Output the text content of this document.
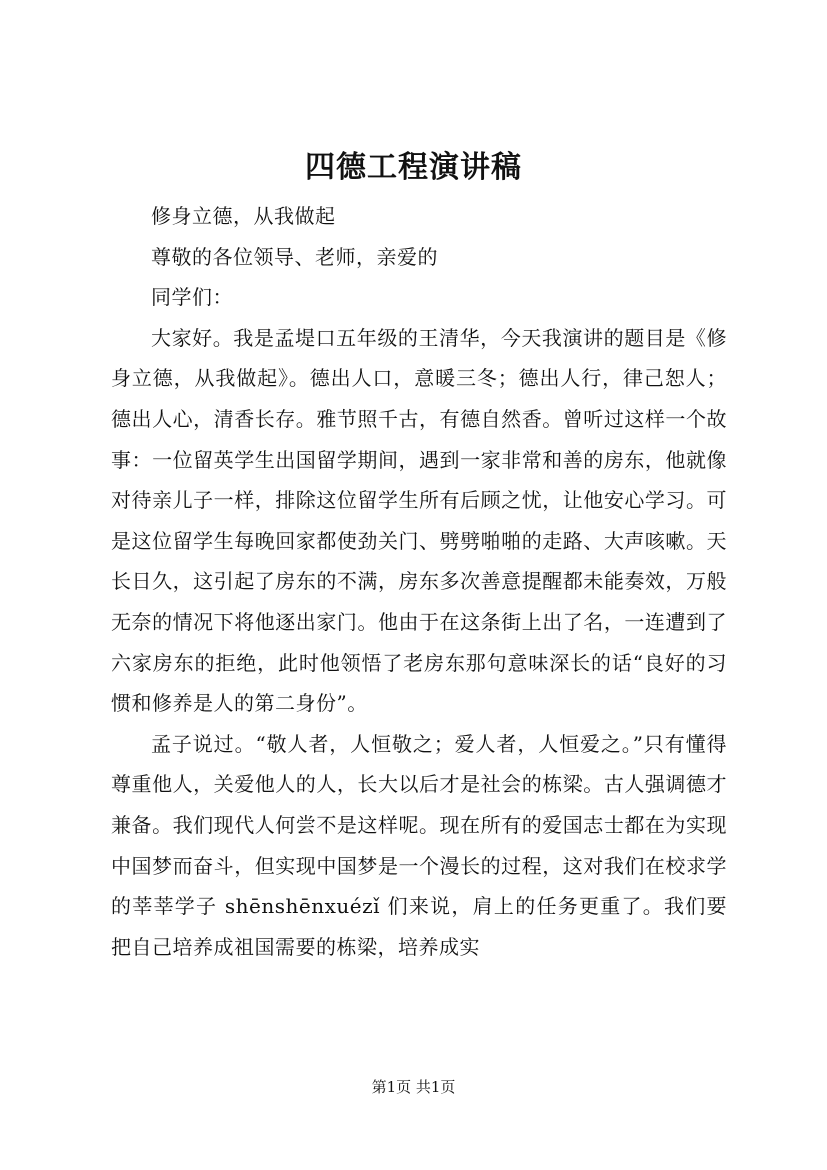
四德工程演讲稿

修身立德，从我做起

尊敬的各位领导、老师，亲爱的

同学们：

大家好。我是孟堤口五年级的王清华，今天我演讲的题目是《修身立德，从我做起》。德出人口，意暖三冬；德出人行，律己恕人；德出人心，清香长存。雅节照千古，有德自然香。曾听过这样一个故事：一位留英学生出国留学期间，遇到一家非常和善的房东，他就像对待亲儿子一样，排除这位留学生所有后顾之忧，让他安心学习。可是这位留学生每晚回家都使劲关门、劈劈啪啪的走路、大声咳嗽。天长日久，这引起了房东的不满，房东多次善意提醒都未能奏效，万般无奈的情况下将他逐出家门。他由于在这条街上出了名，一连遭到了六家房东的拒绝，此时他领悟了老房东那句意味深长的话“良好的习惯和修养是人的第二身份”。

孟子说过。“敬人者，人恒敬之；爱人者，人恒爱之。”只有懂得尊重他人，关爱他人的人，长大以后才是社会的栋梁。古人强调德才兼备。我们现代人何尝不是这样呢。现在所有的爱国志士都在为实现中国梦而奋斗，但实现中国梦是一个漫长的过程，这对我们在校求学的莘莘学子 shēnshēnxuézǐ 们来说，肩上的任务更重了。我们要把自己培养成祖国需要的栋梁，培养成实

第1页 共1页
